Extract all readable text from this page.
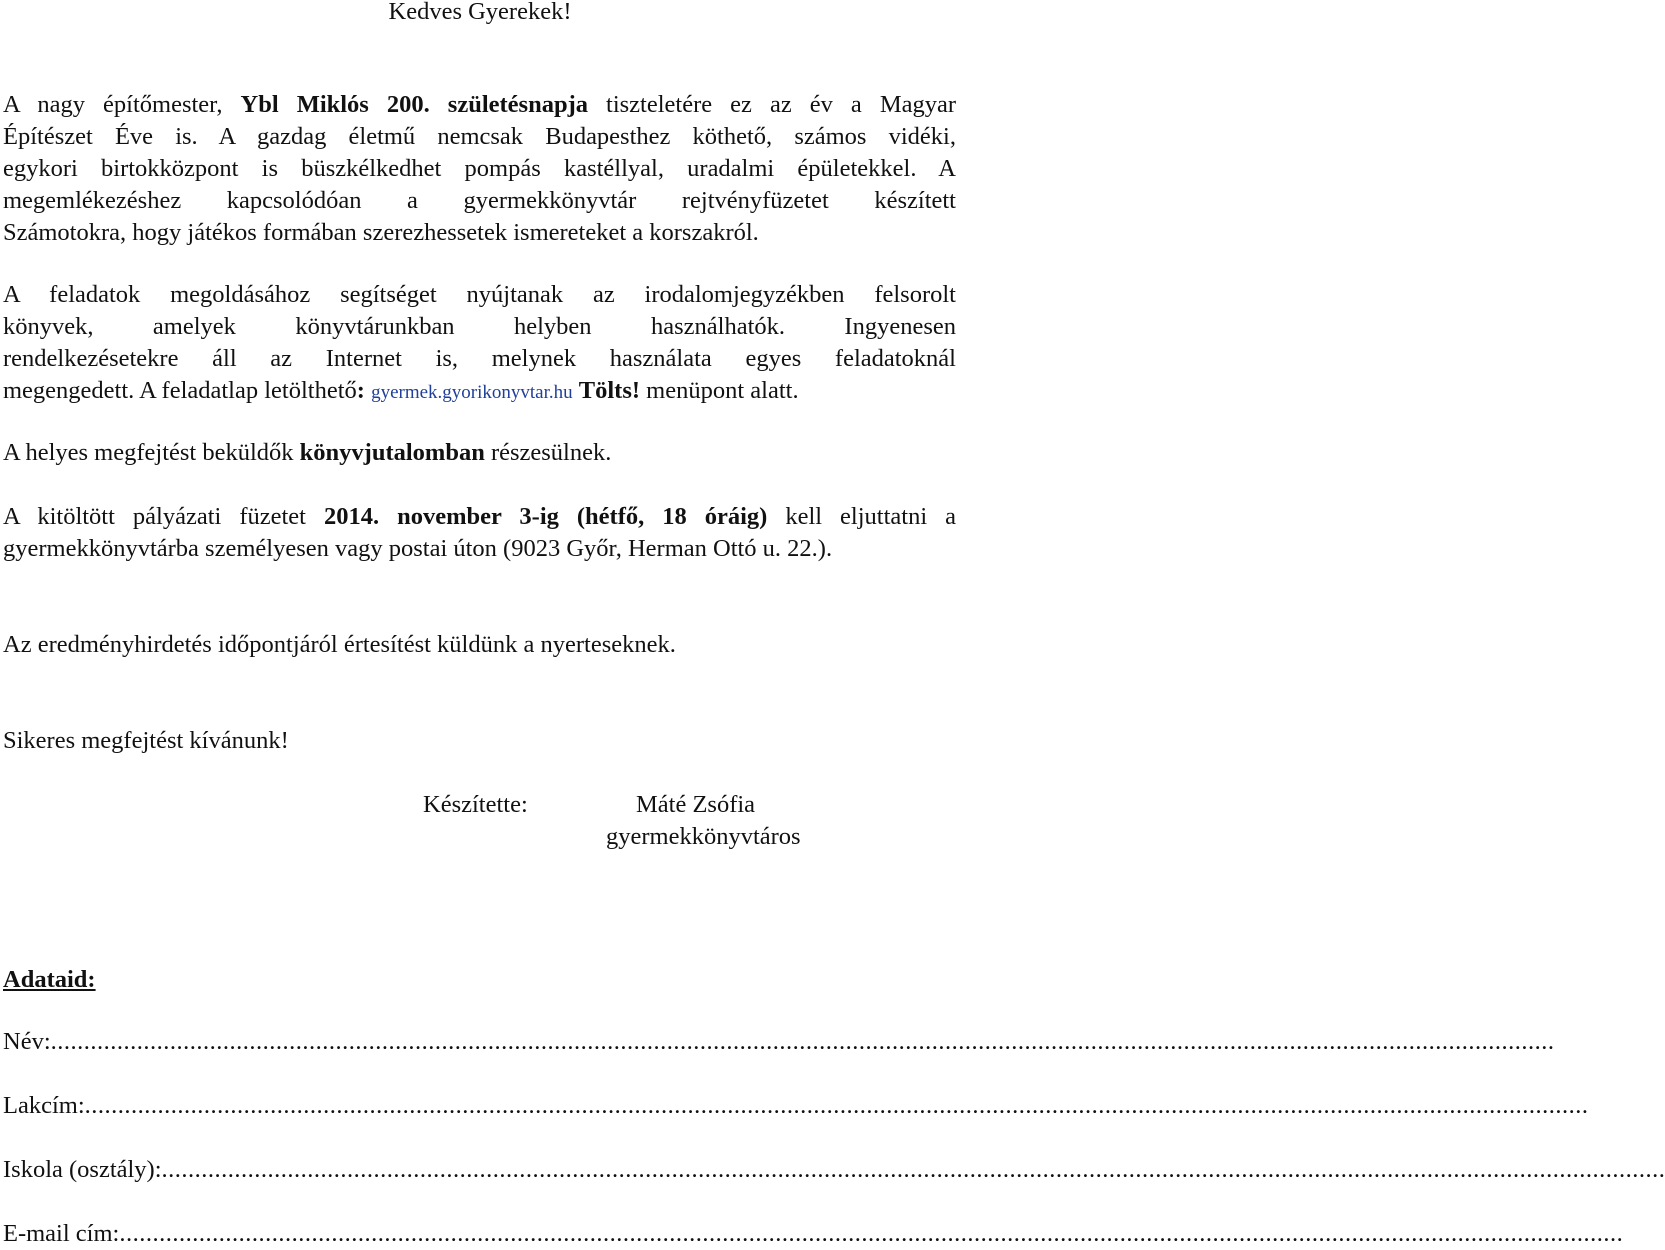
Kedves Gyerekek!
A nagy építőmester, Ybl Miklós 200. születésnapja tiszteletére ez az év a Magyar
Építészet Éve is. A gazdag életmű nemcsak Budapesthez köthető, számos vidéki,
egykori birtokközpont is büszkélkedhet pompás kastéllyal, uradalmi épületekkel. A
megemlékezéshez kapcsolódóan a gyermekkönyvtár rejtvényfüzetet készített
Számotokra, hogy játékos formában szerezhessetek ismereteket a korszakról.
A feladatok megoldásához segítséget nyújtanak az irodalomjegyzékben felsorolt
könyvek, amelyek könyvtárunkban helyben használhatók. Ingyenesen
rendelkezésetekre áll az Internet is, melynek használata egyes feladatoknál
megengedett. A feladatlap letölthető: gyermek.gyorikonyvtar.hu Tölts! menüpont alatt.
A helyes megfejtést beküldők könyvjutalomban részesülnek.
A kitöltött pályázati füzetet 2014. november 3-ig (hétfő, 18 óráig) kell eljuttatni a
gyermekkönyvtárba személyesen vagy postai úton (9023 Győr, Herman Ottó u. 22.).
Az eredményhirdetés időpontjáról értesítést küldünk a nyerteseknek.
Sikeres megfejtést kívánunk!
Készítette:	Máté Zsófia
gyermekkönyvtáros
Adataid:
Név: ...................................................................................................................................................................................................................................
Lakcím: ...................................................................................................................................................................................................................................
Iskola (osztály): ...................................................................................................................................................................................................................................
E-mail cím: ...................................................................................................................................................................................................................................
